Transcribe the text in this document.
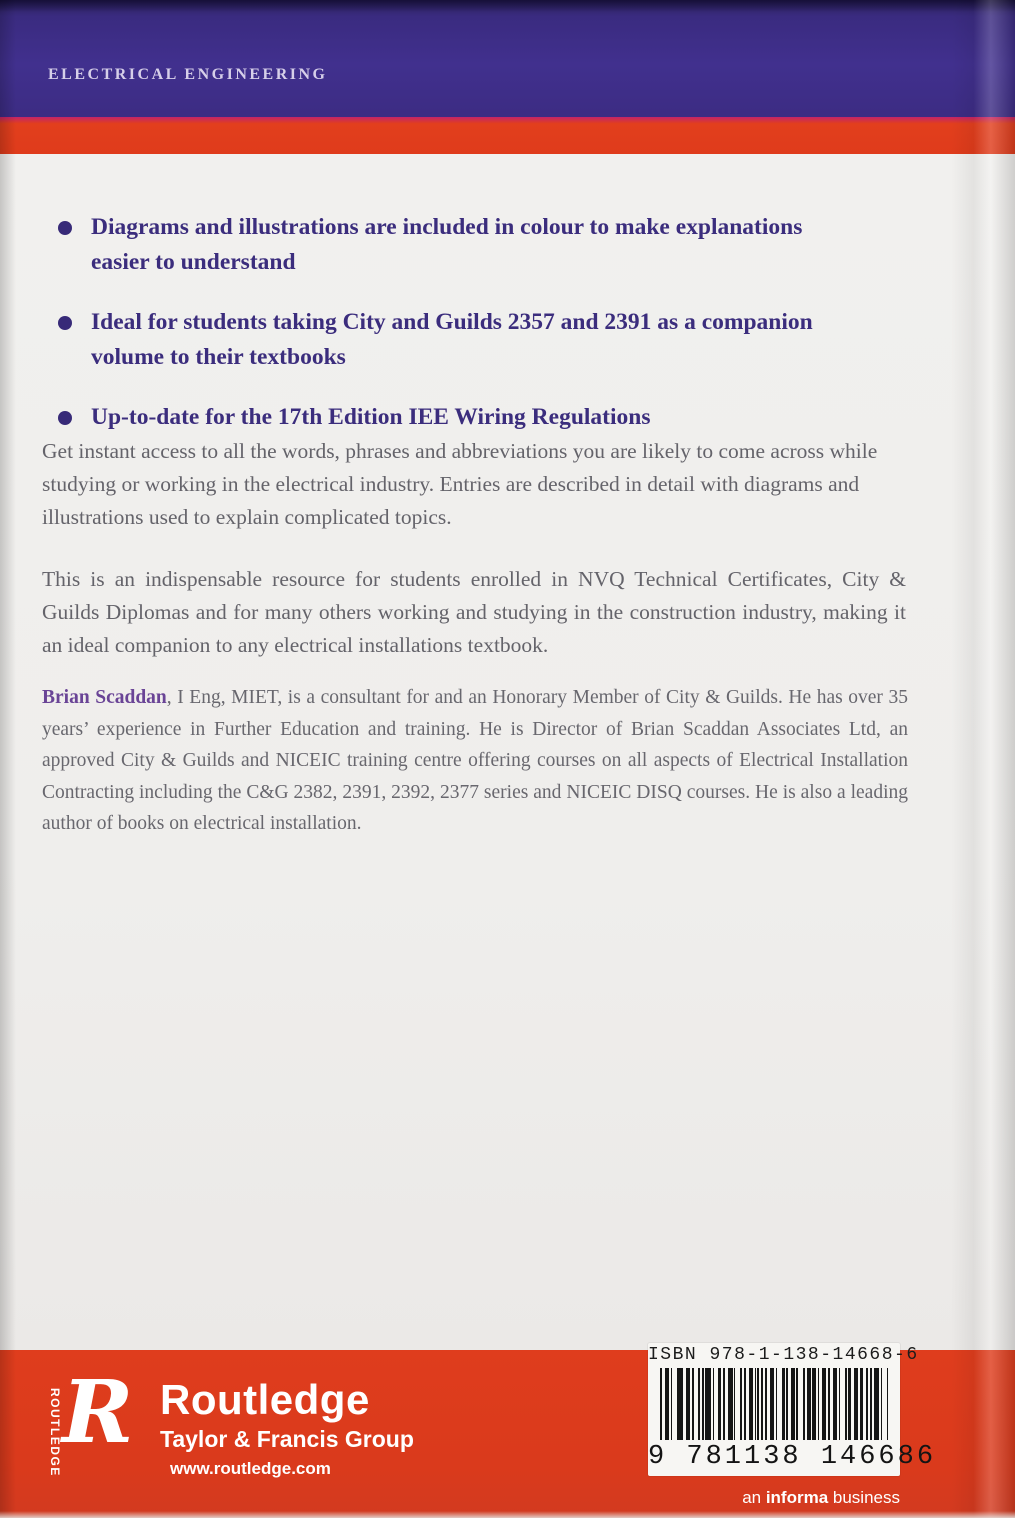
ELECTRICAL ENGINEERING
Diagrams and illustrations are included in colour to make explanations easier to understand
Ideal for students taking City and Guilds 2357 and 2391 as a companion volume to their textbooks
Up-to-date for the 17th Edition IEE Wiring Regulations

Get instant access to all the words, phrases and abbreviations you are likely to come across while studying or working in the electrical industry. Entries are described in detail with diagrams and illustrations used to explain complicated topics.

This is an indispensable resource for students enrolled in NVQ Technical Certificates, City & Guilds Diplomas and for many others working and studying in the construction industry, making it an ideal companion to any electrical installations textbook.

Brian Scaddan, I Eng, MIET, is a consultant for and an Honorary Member of City & Guilds. He has over 35 years’ experience in Further Education and training. He is Director of Brian Scaddan Associates Ltd, an approved City & Guilds and NICEIC training centre offering courses on all aspects of Electrical Installation Contracting including the C&G 2382, 2391, 2392, 2377 series and NICEIC DISQ courses. He is also a leading author of books on electrical installation.

ROUTLEDGE R Routledge
Taylor & Francis Group
www.routledge.com
ISBN 978-1-138-14668-6
9 781138 146686
an informa business
